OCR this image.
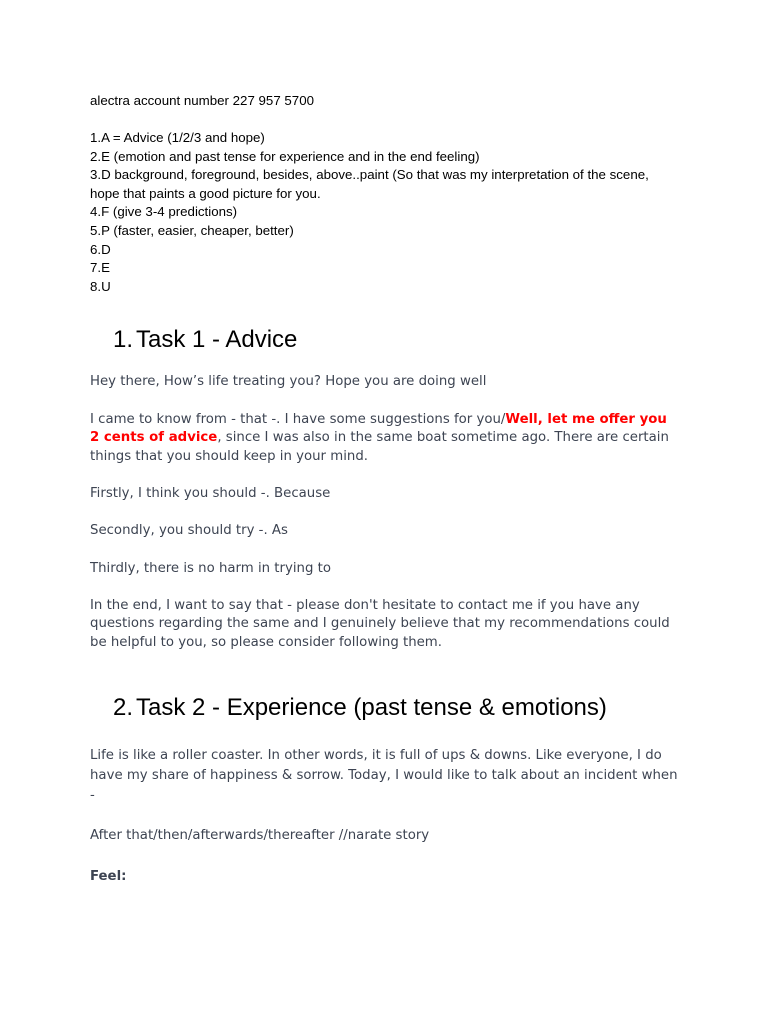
alectra account number 227 957 5700
1.A = Advice (1/2/3 and hope)
2.E (emotion and past tense for experience and in the end feeling)
3.D background, foreground, besides, above..paint (So that was my interpretation of the scene,
hope that paints a good picture for you.
4.F (give 3-4 predictions)
5.P (faster, easier, cheaper, better)
6.D
7.E
8.U
1. Task 1 - Advice
Hey there, How’s life treating you? Hope you are doing well
I came to know from - that -. I have some suggestions for you/Well, let me offer you 2 cents of advice, since I was also in the same boat sometime ago. There are certain things that you should keep in your mind.
Firstly, I think you should -. Because
Secondly, you should try -. As
Thirdly, there is no harm in trying to
In the end, I want to say that - please don't hesitate to contact me if you have any questions regarding the same and I genuinely believe that my recommendations could be helpful to you, so please consider following them.
2. Task 2 - Experience (past tense & emotions)
Life is like a roller coaster. In other words, it is full of ups & downs. Like everyone, I do have my share of happiness & sorrow. Today, I would like to talk about an incident when -
After that/then/afterwards/thereafter //narate story
Feel:
